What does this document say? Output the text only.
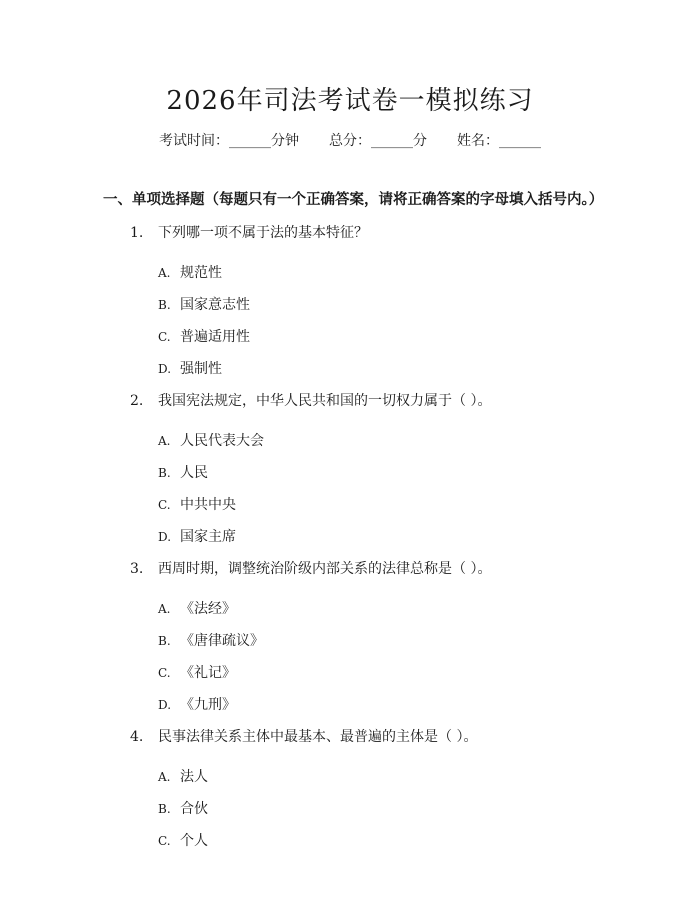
2026年司法考试卷一模拟练习
考试时间：______分钟 总分：______分 姓名：______
一、单项选择题（每题只有一个正确答案，请将正确答案的字母填入括号内。）
1. 下列哪一项不属于法的基本特征？
A. 规范性
B. 国家意志性
C. 普遍适用性
D. 强制性
2. 我国宪法规定，中华人民共和国的一切权力属于（ ）。
A. 人民代表大会
B. 人民
C. 中共中央
D. 国家主席
3. 西周时期，调整统治阶级内部关系的法律总称是（ ）。
A. 《法经》
B. 《唐律疏议》
C. 《礼记》
D. 《九刑》
4. 民事法律关系主体中最基本、最普遍的主体是（ ）。
A. 法人
B. 合伙
C. 个人
